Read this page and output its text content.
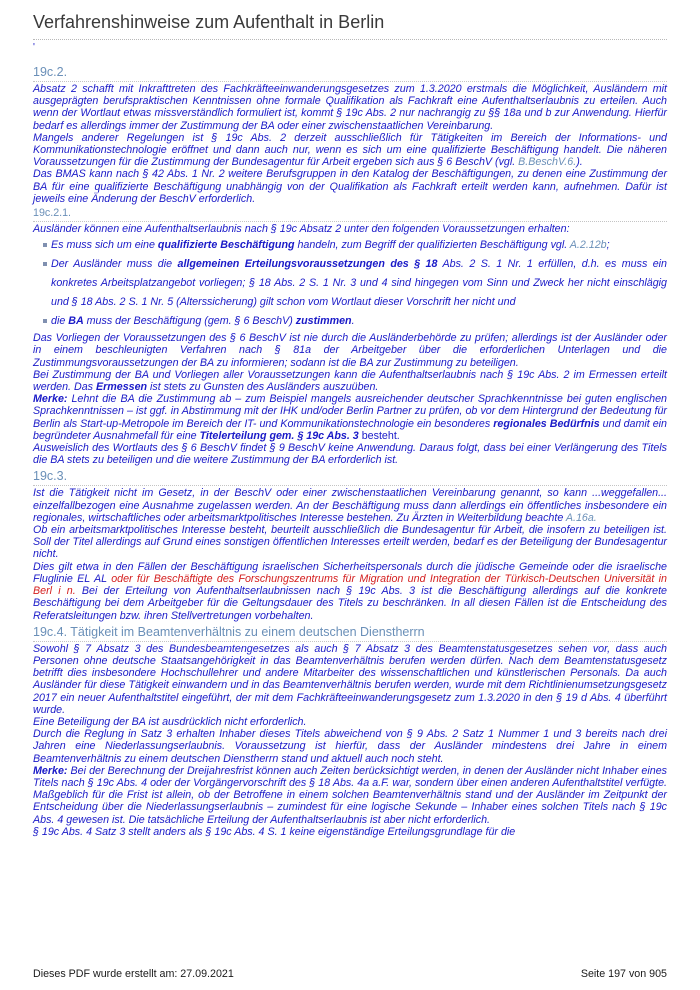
Verfahrenshinweise zum Aufenthalt in Berlin
'
19c.2.

Absatz 2 schafft mit Inkrafttreten des Fachkräfteeinwanderungsgesetzes zum 1.3.2020 erstmals die Möglichkeit, Ausländern mit ausgeprägten berufspraktischen Kenntnissen ohne formale Qualifikation als Fachkraft eine Aufenthaltserlaubnis zu erteilen. Auch wenn der Wortlaut etwas missverständlich formuliert ist, kommt § 19c Abs. 2 nur nachrangig zu §§ 18a und b zur Anwendung. Hierfür bedarf es allerdings immer der Zustimmung der BA oder einer zwischenstaatlichen Vereinbarung.

Mangels anderer Regelungen ist § 19c Abs. 2 derzeit ausschließlich für Tätigkeiten im Bereich der Informations- und Kommunikationstechnologie eröffnet und dann auch nur, wenn es sich um eine qualifizierte Beschäftigung handelt. Die näheren Voraussetzungen für die Zustimmung der Bundesagentur für Arbeit ergeben sich aus § 6 BeschV (vgl. B.BeschV.6.).

Das BMAS kann nach § 42 Abs. 1 Nr. 2 weitere Berufsgruppen in den Katalog der Beschäftigungen, zu denen eine Zustimmung der BA für eine qualifizierte Beschäftigung unabhängig von der Qualifikation als Fachkraft erteilt werden kann, aufnehmen. Dafür ist jeweils eine Änderung der BeschV erforderlich.

19c.2.1.

Ausländer können eine Aufenthaltserlaubnis nach § 19c Absatz 2 unter den folgenden Voraussetzungen erhalten:

Es muss sich um eine qualifizierte Beschäftigung handeln, zum Begriff der qualifizierten Beschäftigung vgl. A.2.12b;
Der Ausländer muss die allgemeinen Erteilungsvoraussetzungen des § 18 Abs. 2 S. 1 Nr. 1 erfüllen, d.h. es muss ein konkretes Arbeitsplatzangebot vorliegen; § 18 Abs. 2 S. 1 Nr. 3 und 4 sind hingegen vom Sinn und Zweck her nicht einschlägig und § 18 Abs. 2 S. 1 Nr. 5 (Alterssicherung) gilt schon vom Wortlaut dieser Vorschrift her nicht und
die BA muss der Beschäftigung (gem. § 6 BeschV) zustimmen.

Das Vorliegen der Voraussetzungen des § 6 BeschV ist nie durch die Ausländerbehörde zu prüfen; allerdings ist der Ausländer oder in einem beschleunigten Verfahren nach § 81a der Arbeitgeber über die erforderlichen Unterlagen und die Zustimmungsvoraussetzungen der BA zu informieren; sodann ist die BA zur Zustimmung zu beteiligen.

Bei Zustimmung der BA und Vorliegen aller Voraussetzungen kann die Aufenthaltserlaubnis nach § 19c Abs. 2 im Ermessen erteilt werden. Das Ermessen ist stets zu Gunsten des Ausländers auszuüben.

Merke: Lehnt die BA die Zustimmung ab – zum Beispiel mangels ausreichender deutscher Sprachkenntnisse bei guten englischen Sprachkenntnissen – ist ggf. in Abstimmung mit der IHK und/oder Berlin Partner zu prüfen, ob vor dem Hintergrund der Bedeutung für Berlin als Start-up-Metropole im Bereich der IT- und Kommunikationstechnologie ein besonderes regionales Bedürfnis und damit ein begründeter Ausnahmefall für eine Titelerteilung gem. § 19c Abs. 3 besteht.

Ausweislich des Wortlauts des § 6 BeschV findet § 9 BeschV keine Anwendung. Daraus folgt, dass bei einer Verlängerung des Titels die BA stets zu beteiligen und die weitere Zustimmung der BA erforderlich ist.

19c.3.

Ist die Tätigkeit nicht im Gesetz, in der BeschV oder einer zwischenstaatlichen Vereinbarung genannt, so kann ...weggefallen... einzelfallbezogen eine Ausnahme zugelassen werden. An der Beschäftigung muss dann allerdings ein öffentliches insbesondere ein regionales, wirtschaftliches oder arbeitsmarktpolitisches Interesse bestehen. Zu Ärzten in Weiterbildung beachte A.16a.

Ob ein arbeitsmarktpolitisches Interesse besteht, beurteilt ausschließlich die Bundesagentur für Arbeit, die insofern zu beteiligen ist. Soll der Titel allerdings auf Grund eines sonstigen öffentlichen Interesses erteilt werden, bedarf es der Beteiligung der Bundesagentur nicht.

Dies gilt etwa in den Fällen der Beschäftigung israelischen Sicherheitspersonals durch die jüdische Gemeinde oder die israelische Fluglinie EL AL oder für Beschäftigte des Forschungszentrums für Migration und Integration der Türkisch-Deutschen Universität in Berl i n. Bei der Erteilung von Aufenthaltserlaubnissen nach § 19c Abs. 3 ist die Beschäftigung allerdings auf die konkrete Beschäftigung bei dem Arbeitgeber für die Geltungsdauer des Titels zu beschränken. In all diesen Fällen ist die Entscheidung des Referatsleitungen bzw. ihren Stellvertretungen vorbehalten.

19c.4. Tätigkeit im Beamtenverhältnis zu einem deutschen Dienstherrn

Sowohl § 7 Absatz 3 des Bundesbeamtengesetzes als auch § 7 Absatz 3 des Beamtenstatusgesetzes sehen vor, dass auch Personen ohne deutsche Staatsangehörigkeit in das Beamtenverhältnis berufen werden dürfen. Nach dem Beamtenstatusgesetz betrifft dies insbesondere Hochschullehrer und andere Mitarbeiter des wissenschaftlichen und künstlerischen Personals. Da auch Ausländer für diese Tätigkeit einwandern und in das Beamtenverhältnis berufen werden, wurde mit dem Richtlinienumsetzungsgesetz 2017 ein neuer Aufenthaltstitel eingeführt, der mit dem Fachkräfteeinwanderungsgesetz zum 1.3.2020 in den § 19 d Abs. 4 überführt wurde.

Eine Beteiligung der BA ist ausdrücklich nicht erforderlich.

Durch die Reglung in Satz 3 erhalten Inhaber dieses Titels abweichend von § 9 Abs. 2 Satz 1 Nummer 1 und 3 bereits nach drei Jahren eine Niederlassungserlaubnis. Voraussetzung ist hierfür, dass der Ausländer mindestens drei Jahre in einem Beamtenverhältnis zu einem deutschen Dienstherrn stand und aktuell auch noch steht.

Merke: Bei der Berechnung der Dreijahresfrist können auch Zeiten berücksichtigt werden, in denen der Ausländer nicht Inhaber eines Titels nach § 19c Abs. 4 oder der Vorgängervorschrift des § 18 Abs. 4a a.F. war, sondern über einen anderen Aufenthaltstitel verfügte. Maßgeblich für die Frist ist allein, ob der Betroffene in einem solchen Beamtenverhältnis stand und der Ausländer im Zeitpunkt der Entscheidung über die Niederlassungserlaubnis – zumindest für eine logische Sekunde – Inhaber eines solchen Titels nach § 19c Abs. 4 gewesen ist. Die tatsächliche Erteilung der Aufenthaltserlaubnis ist aber nicht erforderlich.

§ 19c Abs. 4 Satz 3 stellt anders als § 19c Abs. 4 S. 1 keine eigenständige Erteilungsgrundlage für die

Dieses PDF wurde erstellt am: 27.09.2021	Seite 197 von 905
